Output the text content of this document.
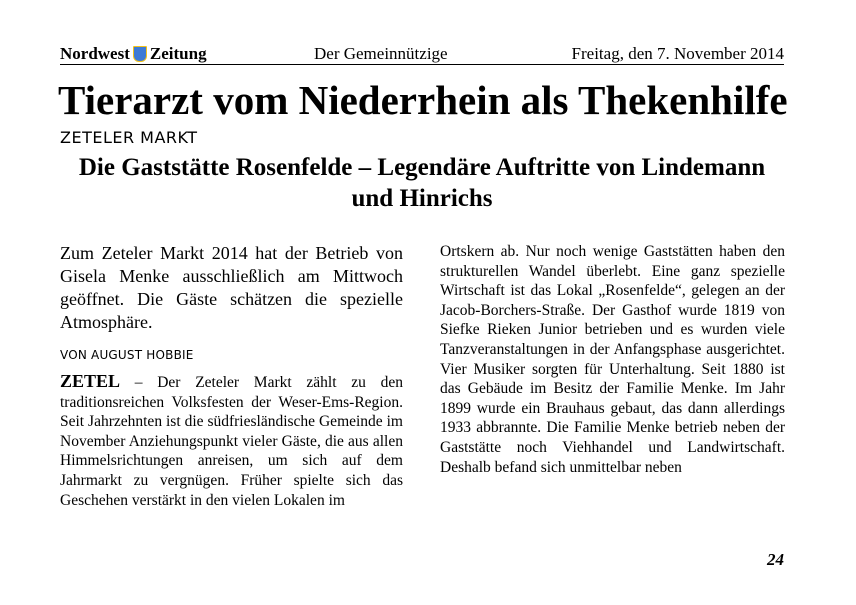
Nordwest Zeitung	Der Gemeinnützige	Freitag, den 7. November 2014
Tierarzt vom Niederrhein als Thekenhilfe
ZETELER MARKT
Die Gaststätte Rosenfelde – Legendäre Auftritte von Lindemann und Hinrichs

Zum Zeteler Markt 2014 hat der Betrieb von Gisela Menke ausschließlich am Mittwoch geöffnet. Die Gäste schätzen die spezielle Atmosphäre.

VON AUGUST HOBBIE

ZETEL – Der Zeteler Markt zählt zu den traditionsreichen Volksfesten der Weser-Ems-Region. Seit Jahrzehnten ist die südfriesländische Gemeinde im November Anziehungspunkt vieler Gäste, die aus allen Himmelsrichtungen anreisen, um sich auf dem Jahrmarkt zu vergnügen. Früher spielte sich das Geschehen verstärkt in den vielen Lokalen im

Ortskern ab. Nur noch wenige Gaststätten haben den strukturellen Wandel überlebt. Eine ganz spezielle Wirtschaft ist das Lokal „Rosenfelde“, gelegen an der Jacob-Borchers-Straße. Der Gasthof wurde 1819 von Siefke Rieken Junior betrieben und es wurden viele Tanzveranstaltungen in der Anfangsphase ausgerichtet. Vier Musiker sorgten für Unterhaltung. Seit 1880 ist das Gebäude im Besitz der Familie Menke. Im Jahr 1899 wurde ein Brauhaus gebaut, das dann allerdings 1933 abbrannte. Die Familie Menke betrieb neben der Gaststätte noch Viehhandel und Landwirtschaft. Deshalb befand sich unmittelbar neben

24
